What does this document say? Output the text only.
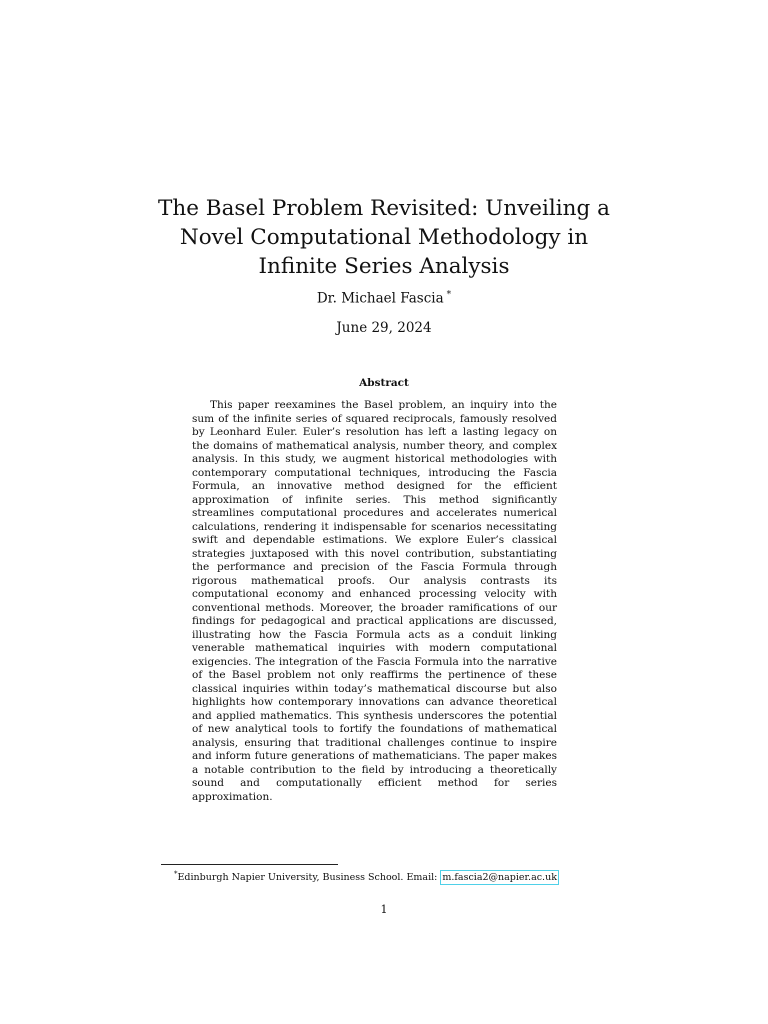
The Basel Problem Revisited: Unveiling a Novel Computational Methodology in Infinite Series Analysis
Dr. Michael Fascia *
June 29, 2024
Abstract
This paper reexamines the Basel problem, an inquiry into the sum of the infinite series of squared reciprocals, famously resolved by Leonhard Euler. Euler’s resolution has left a lasting legacy on the domains of mathematical analysis, number theory, and complex analysis. In this study, we augment historical methodologies with contemporary computational techniques, introducing the Fascia Formula, an innovative method designed for the efficient approximation of infinite series. This method significantly streamlines computational procedures and accelerates numerical calculations, rendering it indispensable for scenarios necessitating swift and dependable estimations. We explore Euler’s classical strategies juxtaposed with this novel contribution, substantiating the performance and precision of the Fascia Formula through rigorous mathematical proofs. Our analysis contrasts its computational economy and enhanced processing velocity with conventional methods. Moreover, the broader ramifications of our findings for pedagogical and practical applications are discussed, illustrating how the Fascia Formula acts as a conduit linking venerable mathematical inquiries with modern computational exigencies. The integration of the Fascia Formula into the narrative of the Basel problem not only reaffirms the pertinence of these classical inquiries within today’s mathematical discourse but also highlights how contemporary innovations can advance theoretical and applied mathematics. This synthesis underscores the potential of new analytical tools to fortify the foundations of mathematical analysis, ensuring that traditional challenges continue to inspire and inform future generations of mathematicians. The paper makes a notable contribution to the field by introducing a theoretically sound and computationally efficient method for series approximation.
*Edinburgh Napier University, Business School. Email: m.fascia2@napier.ac.uk
1
